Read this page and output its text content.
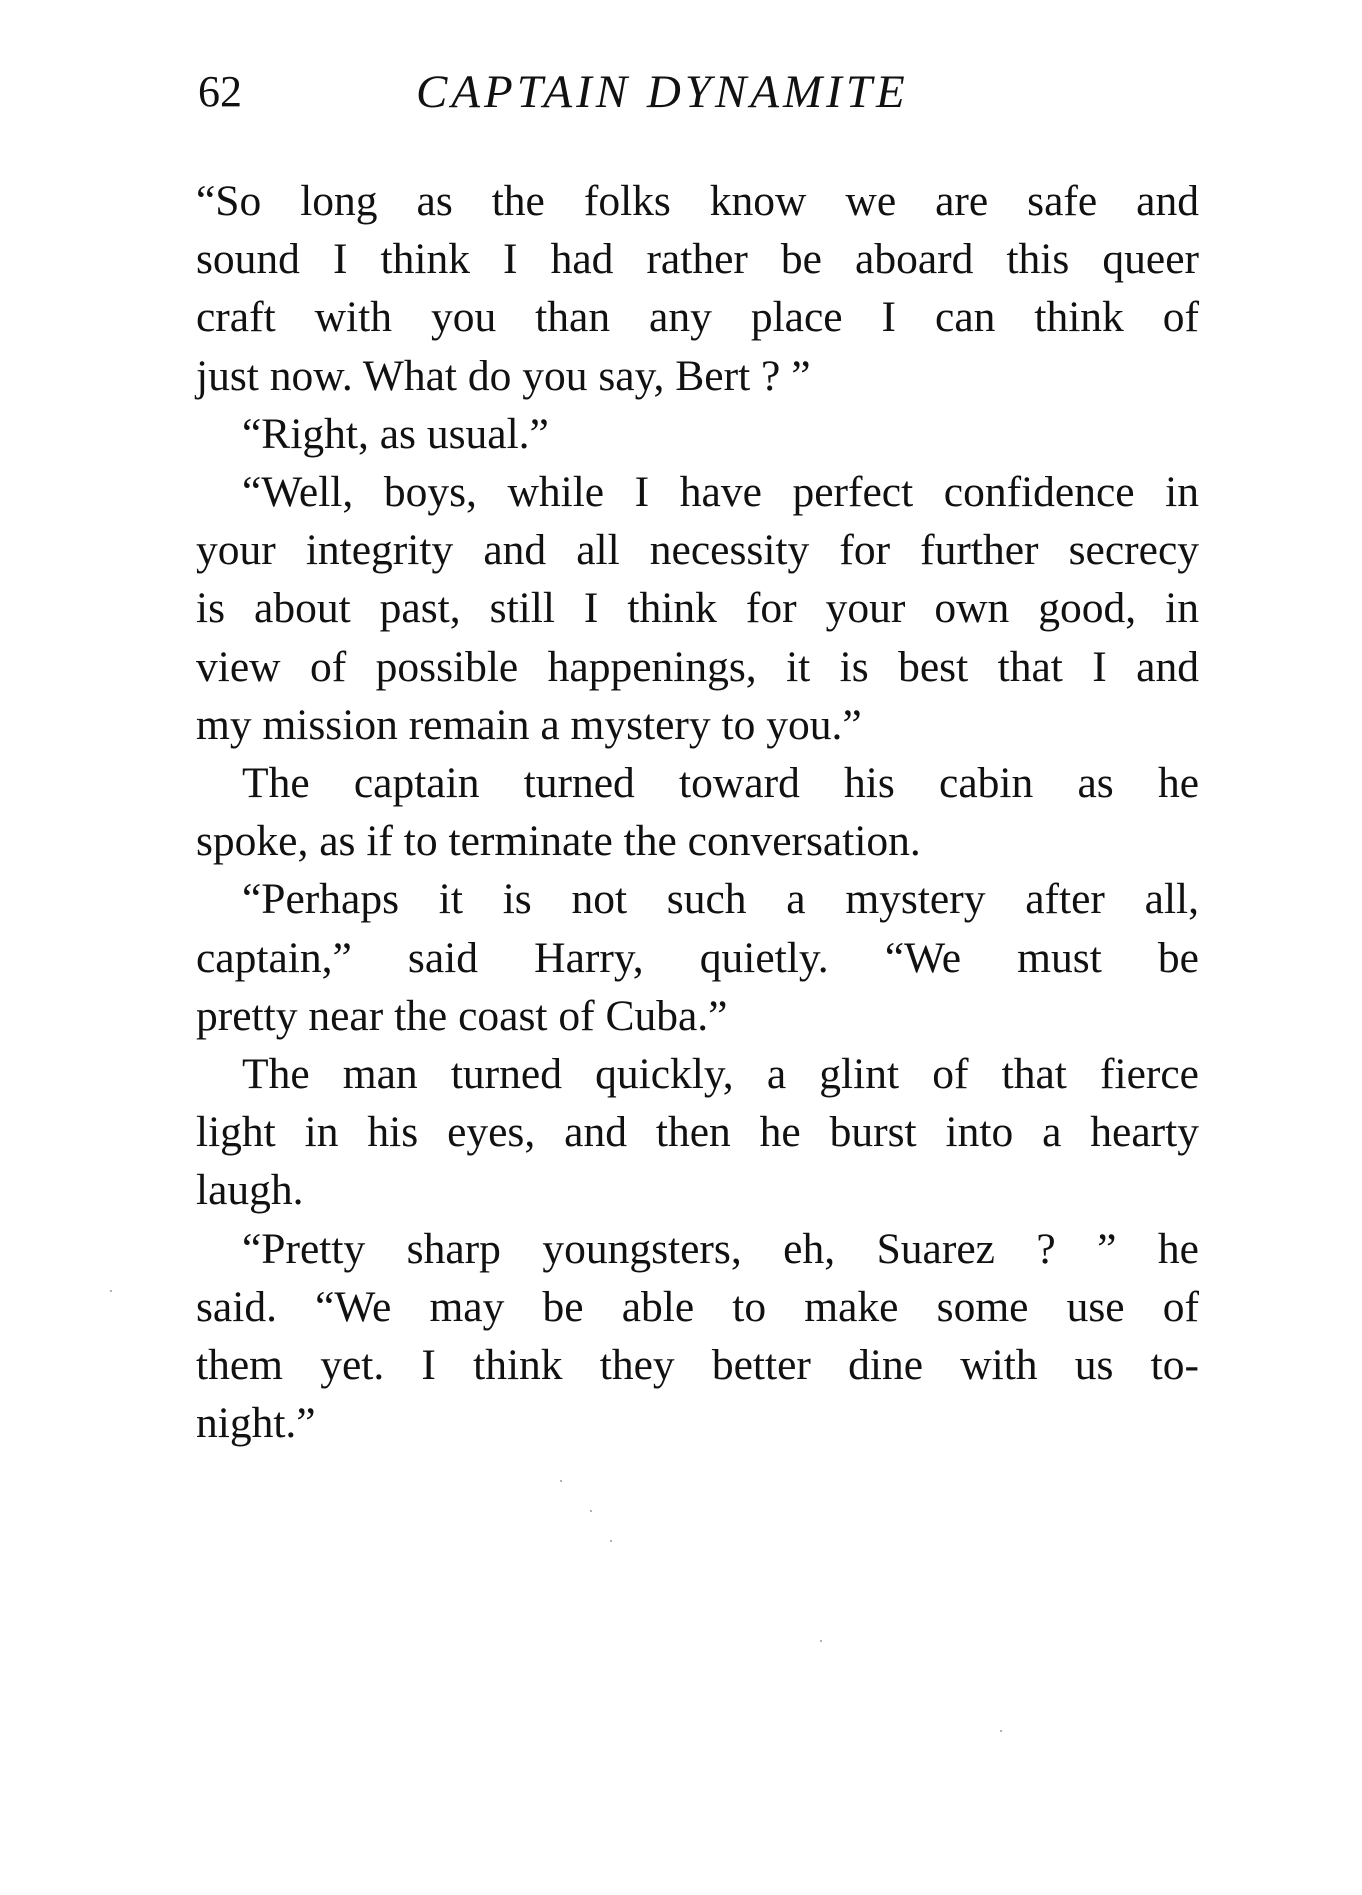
62	CAPTAIN DYNAMITE
“So long as the folks know we are safe and
sound I think I had rather be aboard this queer
craft with you than any place I can think of
just now. What do you say, Bert ? ”
“Right, as usual.”
“Well, boys, while I have perfect confidence in
your integrity and all necessity for further secrecy
is about past, still I think for your own good, in
view of possible happenings, it is best that I and
my mission remain a mystery to you.”
The captain turned toward his cabin as he
spoke, as if to terminate the conversation.
“Perhaps it is not such a mystery after all,
captain,” said Harry, quietly. “We must be
pretty near the coast of Cuba.”
The man turned quickly, a glint of that fierce
light in his eyes, and then he burst into a hearty
laugh.
“Pretty sharp youngsters, eh, Suarez ? ” he
said. “We may be able to make some use of
them yet. I think they better dine with us to-
night.”
